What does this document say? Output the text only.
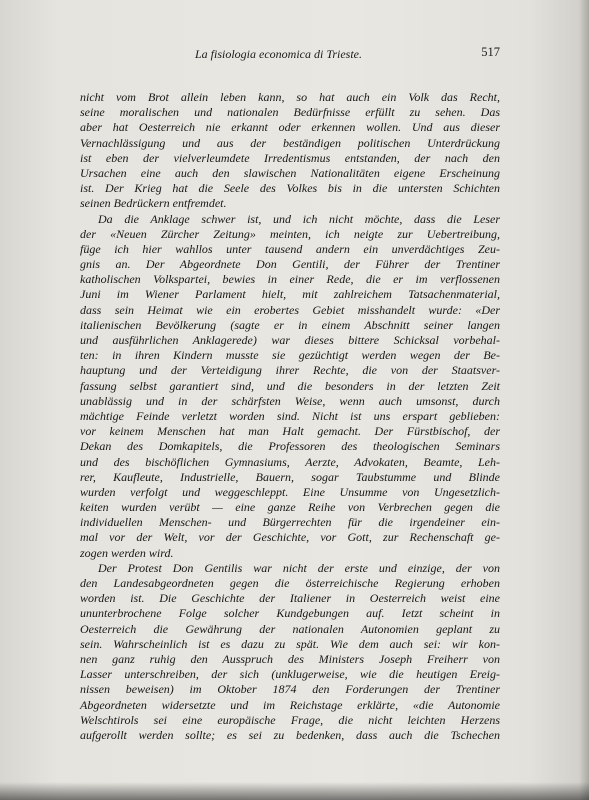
La fisiologia economica di Trieste.	517
nicht vom Brot allein leben kann, so hat auch ein Volk das Recht,
seine moralischen und nationalen Bedürfnisse erfüllt zu sehen. Das
aber hat Oesterreich nie erkannt oder erkennen wollen. Und aus dieser
Vernachlässigung und aus der beständigen politischen Unterdrückung
ist eben der vielverleumdete Irredentismus entstanden, der nach den
Ursachen eine auch den slawischen Nationalitäten eigene Erscheinung
ist. Der Krieg hat die Seele des Volkes bis in die untersten Schichten
seinen Bedrückern entfremdet.
Da die Anklage schwer ist, und ich nicht möchte, dass die Leser
der «Neuen Zürcher Zeitung» meinten, ich neigte zur Uebertreibung,
füge ich hier wahllos unter tausend andern ein unverdächtiges Zeu-
gnis an. Der Abgeordnete Don Gentili, der Führer der Trentiner
katholischen Volkspartei, bewies in einer Rede, die er im verflossenen
Juni im Wiener Parlament hielt, mit zahlreichem Tatsachenmaterial,
dass sein Heimat wie ein erobertes Gebiet misshandelt wurde: «Der
italienischen Bevölkerung (sagte er in einem Abschnitt seiner langen
und ausführlichen Anklagerede) war dieses bittere Schicksal vorbehal-
ten: in ihren Kindern musste sie gezüchtigt werden wegen der Be-
hauptung und der Verteidigung ihrer Rechte, die von der Staatsver-
fassung selbst garantiert sind, und die besonders in der letzten Zeit
unablässig und in der schärfsten Weise, wenn auch umsonst, durch
mächtige Feinde verletzt worden sind. Nicht ist uns erspart geblieben:
vor keinem Menschen hat man Halt gemacht. Der Fürstbischof, der
Dekan des Domkapitels, die Professoren des theologischen Seminars
und des bischöflichen Gymnasiums, Aerzte, Advokaten, Beamte, Leh-
rer, Kaufleute, Industrielle, Bauern, sogar Taubstumme und Blinde
wurden verfolgt und weggeschleppt. Eine Unsumme von Ungesetzlich-
keiten wurden verübt — eine ganze Reihe von Verbrechen gegen die
individuellen Menschen- und Bürgerrechten für die irgendeiner ein-
mal vor der Welt, vor der Geschichte, vor Gott, zur Rechenschaft ge-
zogen werden wird.
Der Protest Don Gentilis war nicht der erste und einzige, der von
den Landesabgeordneten gegen die österreichische Regierung erhoben
worden ist. Die Geschichte der Italiener in Oesterreich weist eine
ununterbrochene Folge solcher Kundgebungen auf. Ietzt scheint in
Oesterreich die Gewährung der nationalen Autonomien geplant zu
sein. Wahrscheinlich ist es dazu zu spät. Wie dem auch sei: wir kon-
nen ganz ruhig den Ausspruch des Ministers Joseph Freiherr von
Lasser unterschreiben, der sich (unklugerweise, wie die heutigen Ereig-
nissen beweisen) im Oktober 1874 den Forderungen der Trentiner
Abgeordneten widersetzte und im Reichstage erklärte, «die Autonomie
Welschtirols sei eine europäische Frage, die nicht leichten Herzens
aufgerollt werden sollte; es sei zu bedenken, dass auch die Tschechen
